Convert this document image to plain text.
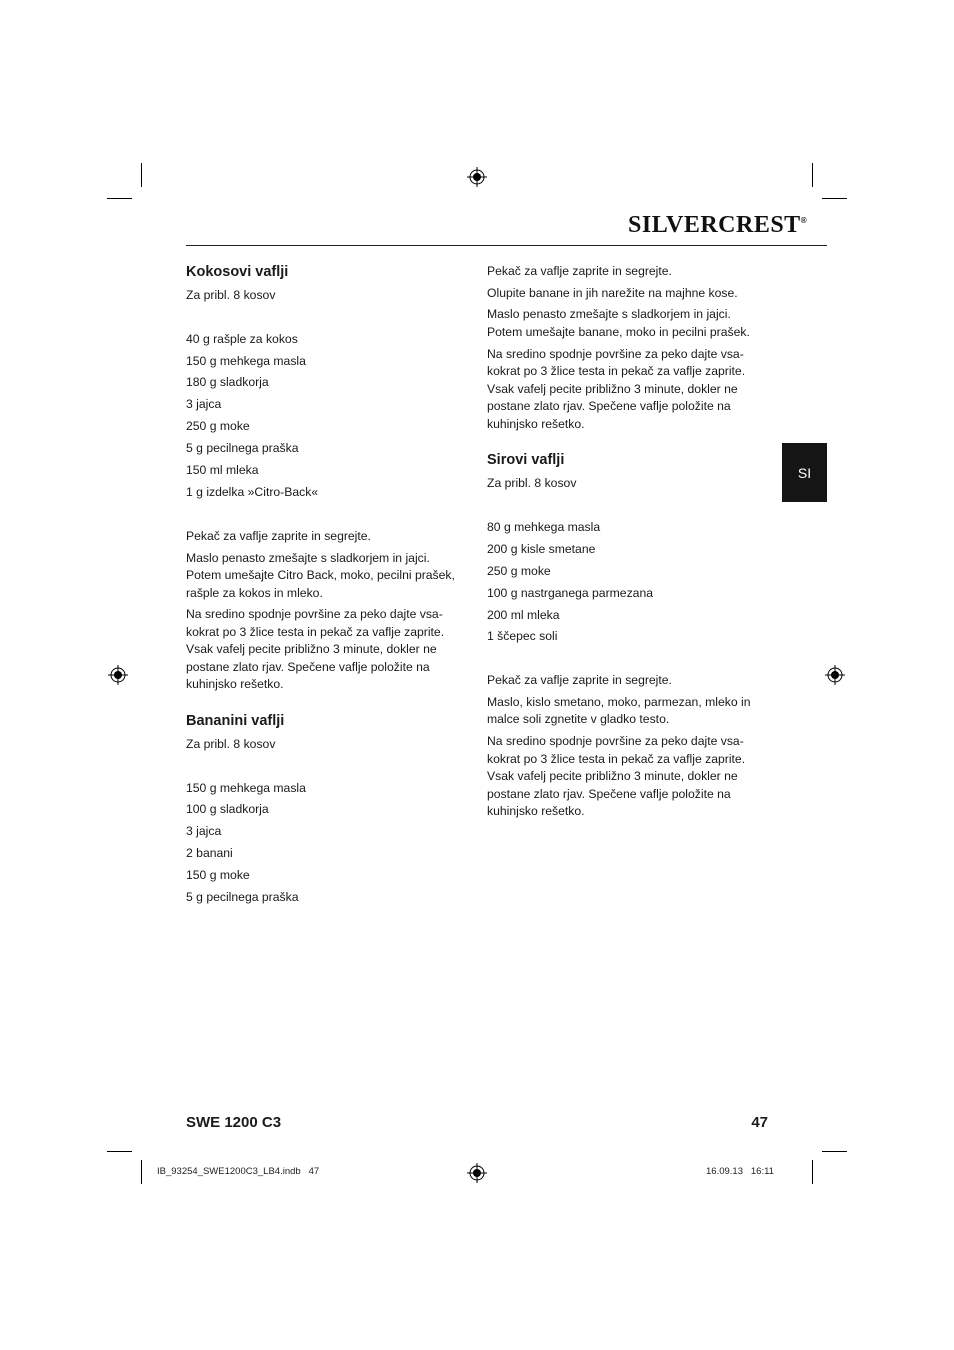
SILVERCREST®
SI
Kokosovi vaflji

Za pribl. 8 kosov

40 g rašple za kokos
150 g mehkega masla
180 g sladkorja
3 jajca
250 g moke
5 g pecilnega praška
150 ml mleka
1 g izdelka »Citro-Back«

Pekač za vaflje zaprite in segrejte.

Maslo penasto zmešajte s sladkorjem in jajci. Potem umešajte Citro Back, moko, pecilni prašek, rašple za kokos in mleko.

Na sredino spodnje površine za peko dajte vsa- kokrat po 3 žlice testa in pekač za vaflje zaprite. Vsak vafelj pecite približno 3 minute, dokler ne postane zlato rjav. Spečene vaflje položite na kuhinjsko rešetko.

Bananini vaflji

Za pribl. 8 kosov

150 g mehkega masla
100 g sladkorja
3 jajca
2 banani
150 g moke
5 g pecilnega praška

Pekač za vaflje zaprite in segrejte.

Olupite banane in jih narežite na majhne kose.

Maslo penasto zmešajte s sladkorjem in jajci. Potem umešajte banane, moko in pecilni prašek.

Na sredino spodnje površine za peko dajte vsa- kokrat po 3 žlice testa in pekač za vaflje zaprite. Vsak vafelj pecite približno 3 minute, dokler ne postane zlato rjav. Spečene vaflje položite na kuhinjsko rešetko.

Sirovi vaflji

Za pribl. 8 kosov

80 g mehkega masla
200 g kisle smetane
250 g moke
100 g nastrganega parmezana
200 ml mleka
1 ščepec soli

Pekač za vaflje zaprite in segrejte.

Maslo, kislo smetano, moko, parmezan, mleko in malce soli zgnetite v gladko testo.

Na sredino spodnje površine za peko dajte vsa- kokrat po 3 žlice testa in pekač za vaflje zaprite. Vsak vafelj pecite približno 3 minute, dokler ne postane zlato rjav. Spečene vaflje položite na kuhinjsko rešetko.

SWE 1200 C3	47
IB_93254_SWE1200C3_LB4.indb   47	16.09.13   16:11
